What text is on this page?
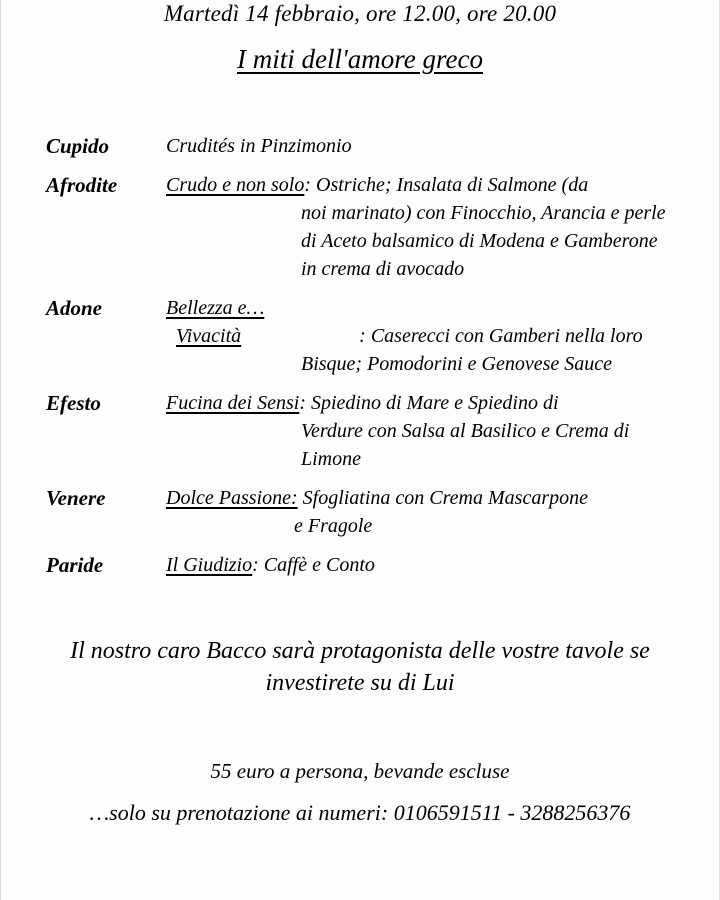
Martedì 14 febbraio, ore 12.00, ore 20.00

I miti dell'amore greco
Cupido	Crudités in Pinzimonio
Afrodite Crudo e non solo: Ostriche; Insalata di Salmone (da
noi marinato) con Finocchio, Arancia e perle
di Aceto balsamico di Modena e Gamberone
in crema di avocado
Adone	Bellezza e…
Vivacità	: Caserecci con Gamberi nella loro
Bisque; Pomodorini e Genovese Sauce
Efesto	Fucina dei Sensi: Spiedino di Mare e Spiedino di
Verdure con Salsa al Basilico e Crema di
Limone
Venere	Dolce Passione: Sfogliatina con Crema Mascarpone
e Fragole
Paride	Il Giudizio: Caffè e Conto

Il nostro caro Bacco sarà protagonista delle vostre tavole se
investirete su di Lui

55 euro a persona, bevande escluse

…solo su prenotazione ai numeri: 0106591511 - 3288256376
